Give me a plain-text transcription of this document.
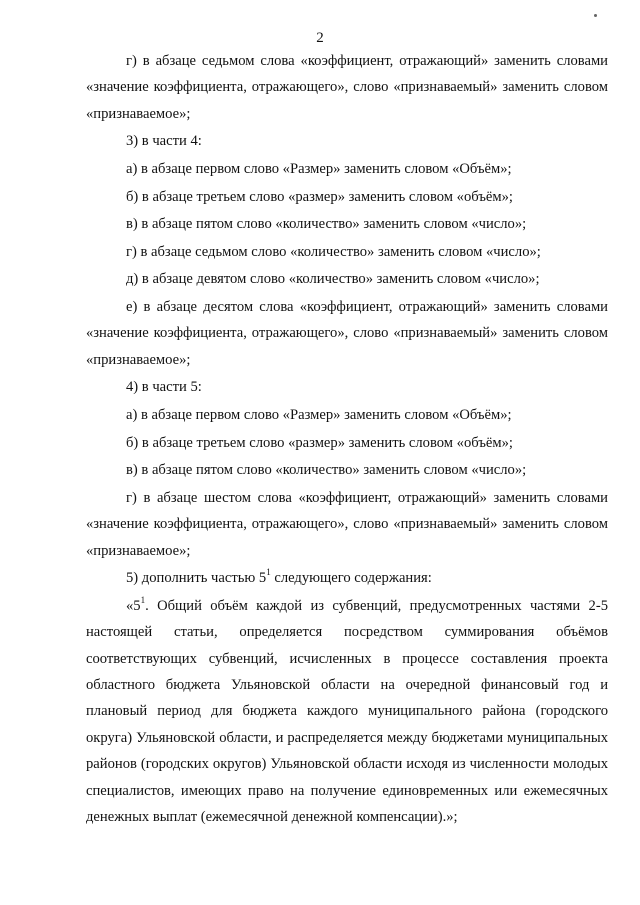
2

г) в абзаце седьмом слова «коэффициент, отражающий» заменить словами «значение коэффициента, отражающего», слово «признаваемый» заменить словом «признаваемое»;

3) в части 4:

а) в абзаце первом слово «Размер» заменить словом «Объём»;

б) в абзаце третьем слово «размер» заменить словом «объём»;

в) в абзаце пятом слово «количество» заменить словом «число»;

г) в абзаце седьмом слово «количество» заменить словом «число»;

д) в абзаце девятом слово «количество» заменить словом «число»;

е) в абзаце десятом слова «коэффициент, отражающий» заменить словами «значение коэффициента, отражающего», слово «признаваемый» заменить словом «признаваемое»;

4) в части 5:

а) в абзаце первом слово «Размер» заменить словом «Объём»;

б) в абзаце третьем слово «размер» заменить словом «объём»;

в) в абзаце пятом слово «количество» заменить словом «число»;

г) в абзаце шестом слова «коэффициент, отражающий» заменить словами «значение коэффициента, отражающего», слово «признаваемый» заменить словом «признаваемое»;

5) дополнить частью $5^1$ следующего содержания:

«$5^1$. Общий объём каждой из субвенций, предусмотренных частями 2-5 настоящей статьи, определяется посредством суммирования объёмов соответствующих субвенций, исчисленных в процессе составления проекта областного бюджета Ульяновской области на очередной финансовый год и плановый период для бюджета каждого муниципального района (городского округа) Ульяновской области, и распределяется между бюджетами муниципальных районов (городских округов) Ульяновской области исходя из численности молодых специалистов, имеющих право на получение единовременных или ежемесячных денежных выплат (ежемесячной денежной компенсации).»;
